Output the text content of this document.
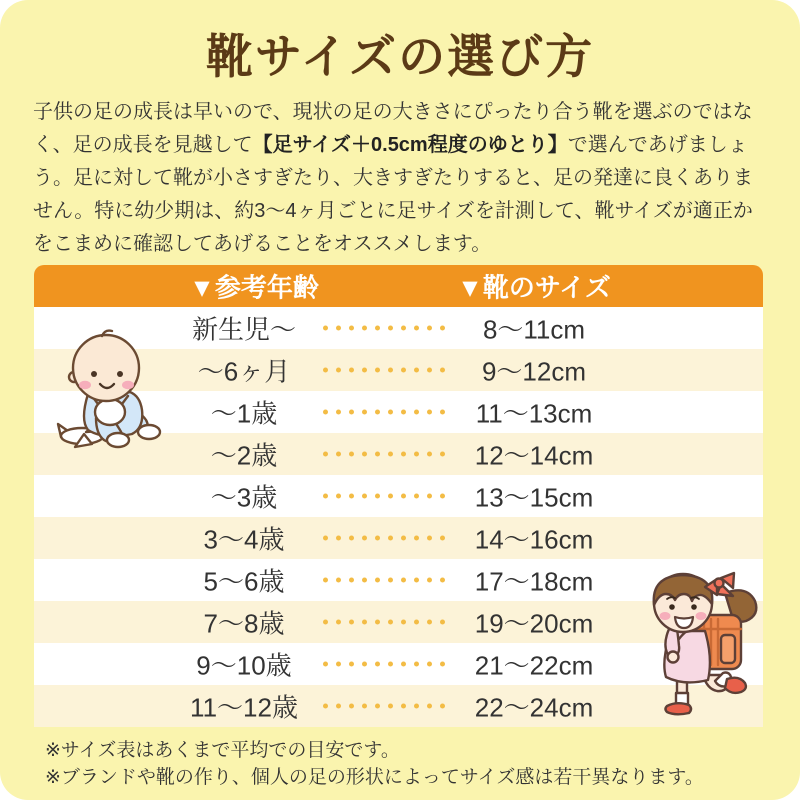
靴サイズの選び方

子供の足の成長は早いので、現状の足の大きさにぴったり合う靴を選ぶのではなく、足の成長を見越して【足サイズ＋0.5cm程度のゆとり】で選んであげましょう。足に対して靴が小さすぎたり、大きすぎたりすると、足の発達に良くありません。特に幼少期は、約3〜4ヶ月ごとに足サイズを計測して、靴サイズが適正かをこまめに確認してあげることをオススメします。

▼参考年齢	▼靴のサイズ
新生児〜	8〜11cm
〜6ヶ月	9〜12cm
〜1歳	11〜13cm
〜2歳	12〜14cm
〜3歳	13〜15cm
3〜4歳	14〜16cm
5〜6歳	17〜18cm
7〜8歳	19〜20cm
9〜10歳	21〜22cm
11〜12歳	22〜24cm

※サイズ表はあくまで平均での目安です。

※ブランドや靴の作り、個人の足の形状によってサイズ感は若干異なります。
